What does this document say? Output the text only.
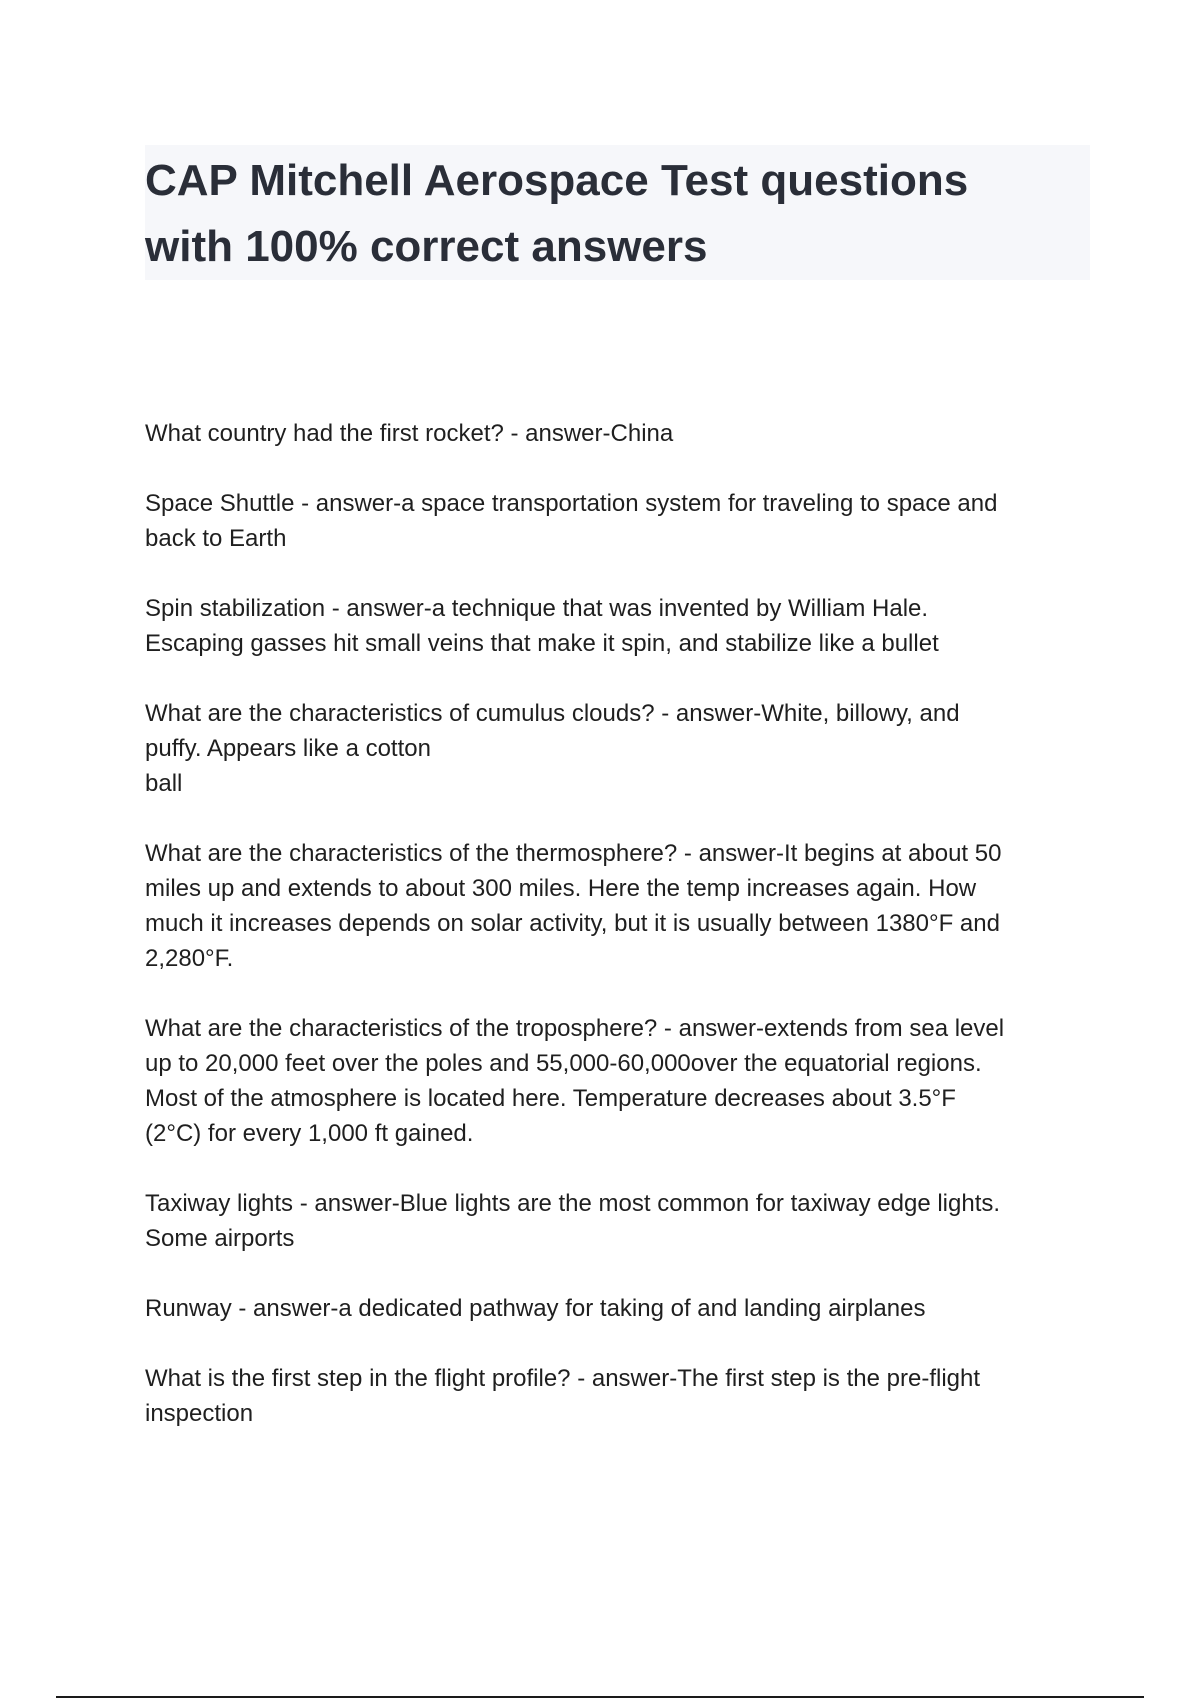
CAP Mitchell Aerospace Test questions
with 100% correct answers
What country had the first rocket? - answer-China
Space Shuttle - answer-a space transportation system for traveling to space and
back to Earth
Spin stabilization - answer-a technique that was invented by William Hale.
Escaping gasses hit small veins that make it spin, and stabilize like a bullet
What are the characteristics of cumulus clouds? - answer-White, billowy, and
puffy. Appears like a cotton
ball
What are the characteristics of the thermosphere? - answer-It begins at about 50
miles up and extends to about 300 miles. Here the temp increases again. How
much it increases depends on solar activity, but it is usually between 1380°F and
2,280°F.
What are the characteristics of the troposphere? - answer-extends from sea level
up to 20,000 feet over the poles and 55,000-60,000over the equatorial regions.
Most of the atmosphere is located here. Temperature decreases about 3.5°F
(2°C) for every 1,000 ft gained.
Taxiway lights - answer-Blue lights are the most common for taxiway edge lights.
Some airports
Runway - answer-a dedicated pathway for taking of and landing airplanes
What is the first step in the flight profile? - answer-The first step is the pre-flight
inspection
